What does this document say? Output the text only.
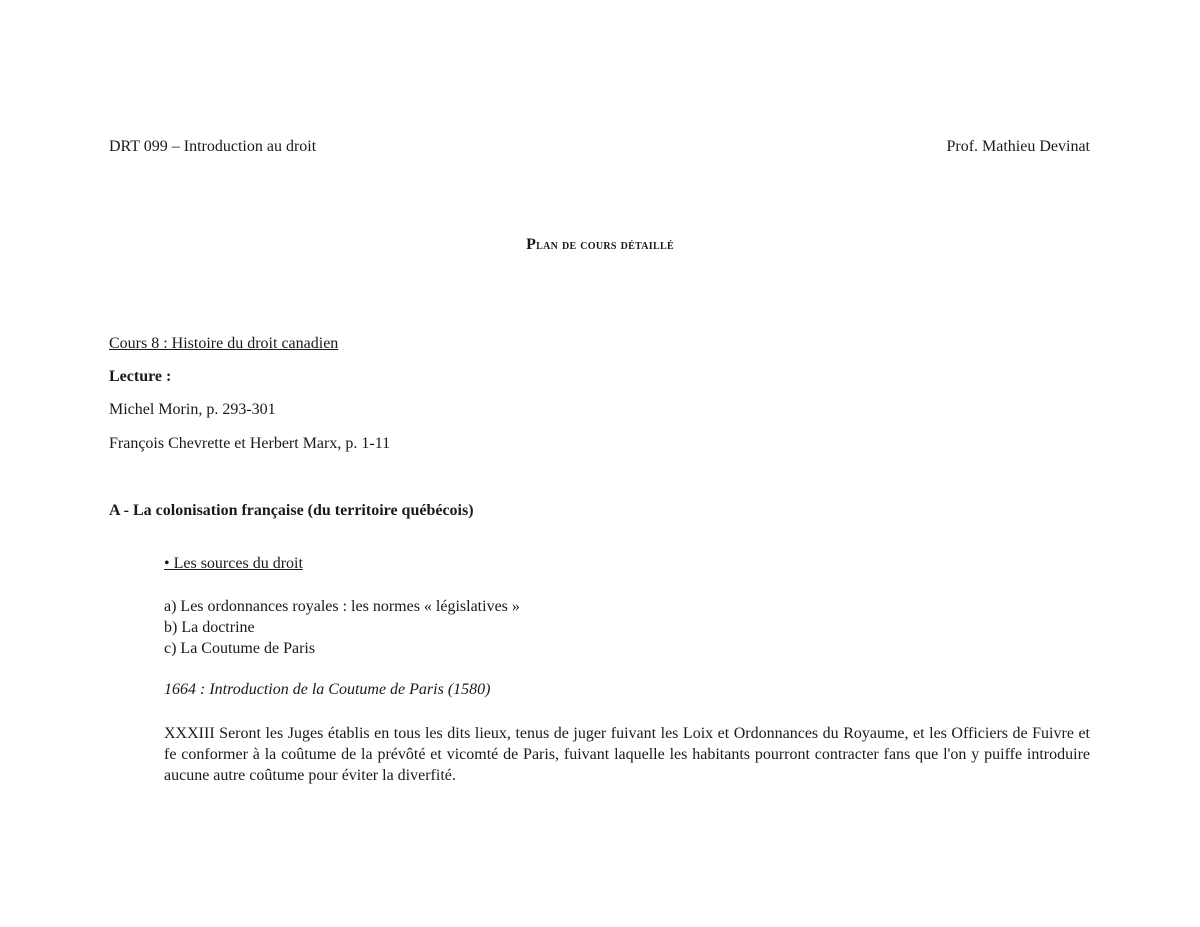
DRT 099 – Introduction au droit	Prof. Mathieu Devinat
Plan de cours détaillé
Cours 8 : Histoire du droit canadien
Lecture :
Michel Morin, p. 293-301
François Chevrette et Herbert Marx, p. 1-11
A - La colonisation française (du territoire québécois)
• Les sources du droit
a) Les ordonnances royales : les normes « législatives »
b) La doctrine
c) La Coutume de Paris
1664 : Introduction de la Coutume de Paris (1580)
XXXIII Seront les Juges établis en tous les dits lieux, tenus de juger fuivant les Loix et Ordonnances du Royaume, et les Officiers de Fuivre et fe conformer à la coûtume de la prévôté et vicomté de Paris, fuivant laquelle les habitants pourront contracter fans que l'on y puiffe introduire aucune autre coûtume pour éviter la diverfité.
